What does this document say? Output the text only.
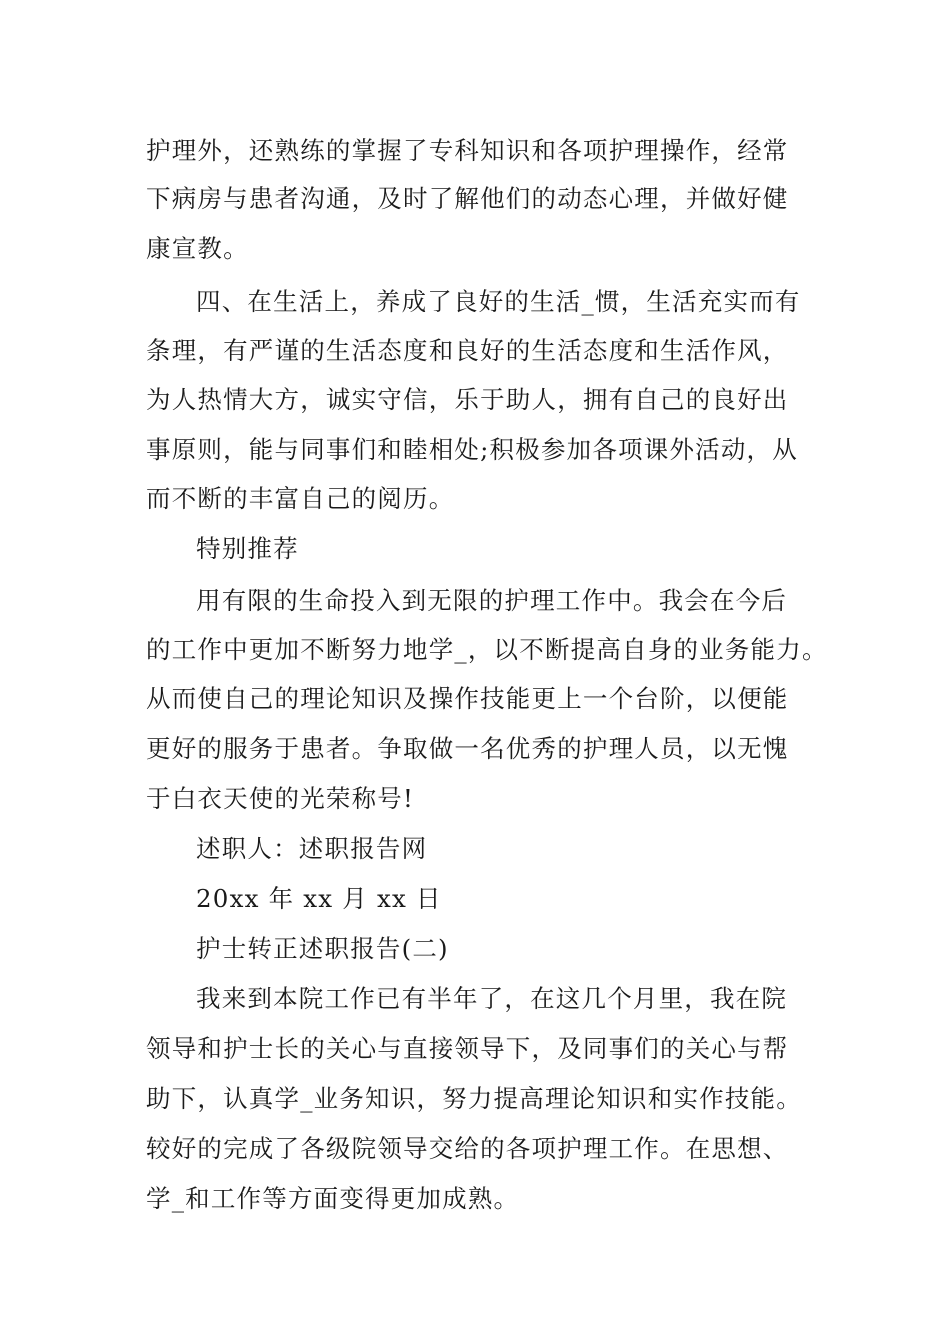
护理外，还熟练的掌握了专科知识和各项护理操作，经常
下病房与患者沟通，及时了解他们的动态心理，并做好健
康宣教。
四、在生活上，养成了良好的生活_惯，生活充实而有
条理，有严谨的生活态度和良好的生活态度和生活作风，
为人热情大方，诚实守信，乐于助人，拥有自己的良好出
事原则，能与同事们和睦相处;积极参加各项课外活动，从
而不断的丰富自己的阅历。
特别推荐
用有限的生命投入到无限的护理工作中。我会在今后
的工作中更加不断努力地学_，以不断提高自身的业务能力。
从而使自己的理论知识及操作技能更上一个台阶，以便能
更好的服务于患者。争取做一名优秀的护理人员，以无愧
于白衣天使的光荣称号!
述职人：述职报告网
20xx 年 xx 月 xx 日
护士转正述职报告(二)
我来到本院工作已有半年了，在这几个月里，我在院
领导和护士长的关心与直接领导下，及同事们的关心与帮
助下，认真学_业务知识，努力提高理论知识和实作技能。
较好的完成了各级院领导交给的各项护理工作。在思想、
学_和工作等方面变得更加成熟。
